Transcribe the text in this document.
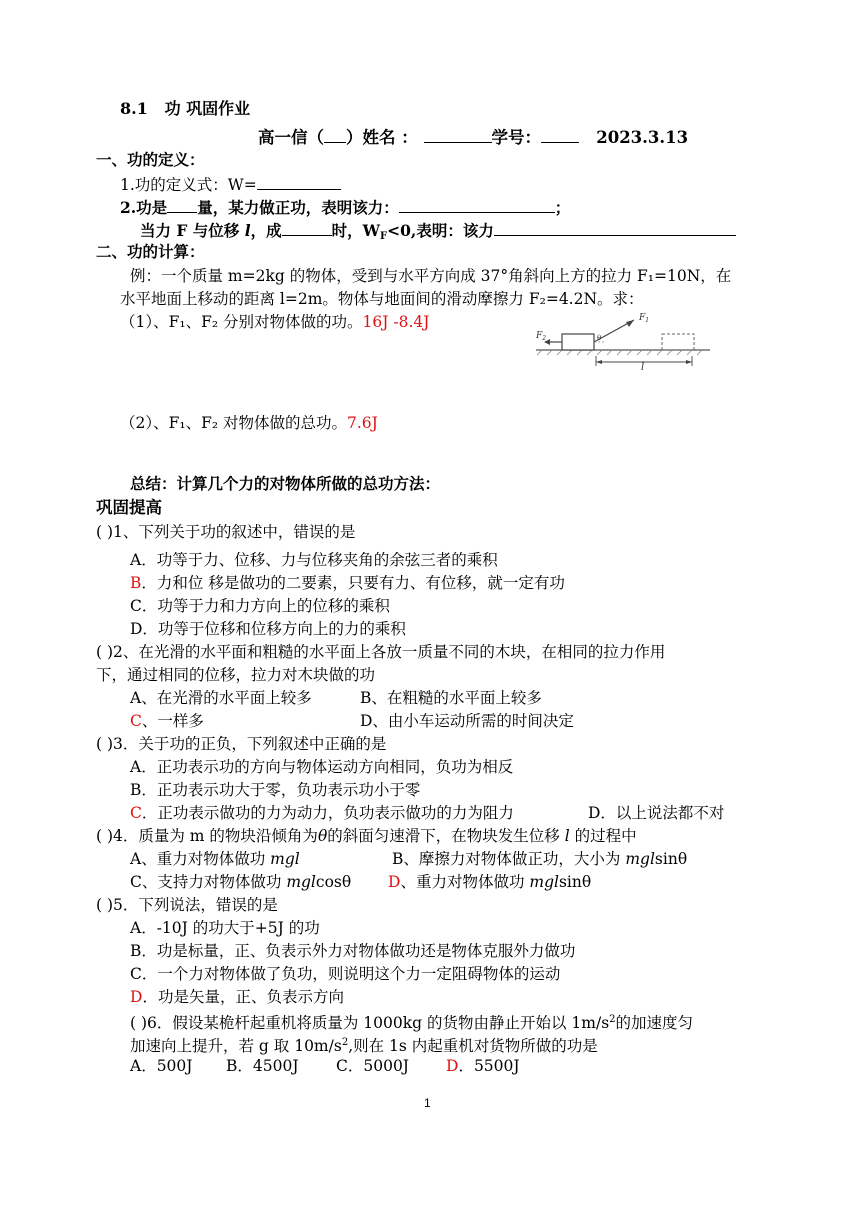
8.1 功 巩固作业
高一信（ ）姓名 ：	学号：	2023.3.13
一、功的定义：
1.功的定义式：W=
2.功是 量，某力做正功，表明该力：	；
当力 F 与位移 l，成	时，$W_F<0$,表明：该力
二、功的计算：
例：一个质量 m=2kg 的物体，受到与水平方向成 37°角斜向上方的拉力 F₁=10N，在
水平地面上移动的距离 l=2m。物体与地面间的滑动摩擦力 F₂=4.2N。求：
（1）、F₁、F₂ 分别对物体做的功。16J -8.4J	$F_1$
$F_2$	θ
l
（2）、F₁、F₂ 对物体做的总功。7.6J
总结：计算几个力的对物体所做的总功方法：
巩固提高
( )1、下列关于功的叙述中，错误的是
A．功等于力、位移、力与位移夹角的余弦三者的乘积
B．力和位 移是做功的二要素，只要有力、有位移，就一定有功
C．功等于力和力方向上的位移的乘积
D．功等于位移和位移方向上的力的乘积
( )2、在光滑的水平面和粗糙的水平面上各放一质量不同的木块，在相同的拉力作用
下，通过相同的位移，拉力对木块做的功
A、在光滑的水平面上较多	B、在粗糙的水平面上较多
C、一样多	D、由小车运动所需的时间决定
( )3．关于功的正负，下列叙述中正确的是
A．正功表示功的方向与物体运动方向相同，负功为相反
B．正功表示功大于零，负功表示功小于零
C．正功表示做功的力为动力，负功表示做功的力为阻力	D．以上说法都不对
( )4．质量为 m 的物块沿倾角为θ的斜面匀速滑下，在物块发生位移 l 的过程中
A、重力对物体做功 mgl	B、摩擦力对物体做正功，大小为 mglsinθ
C、支持力对物体做功 mglcosθ D、重力对物体做功 mglsinθ
( )5．下列说法，错误的是
A．-10J 的功大于+5J 的功
B．功是标量，正、负表示外力对物体做功还是物体克服外力做功
C．一个力对物体做了负功，则说明这个力一定阻碍物体的运动
D．功是矢量，正、负表示方向
( )6．假设某桅杆起重机将质量为 1000kg 的货物由静止开始以 $1m/s^2$的加速度匀
加速向上提升，若 g 取 $10m/s^2$,则在 1s 内起重机对货物所做的功是
A．500J B．4500J C．5000J D．5500J
1
